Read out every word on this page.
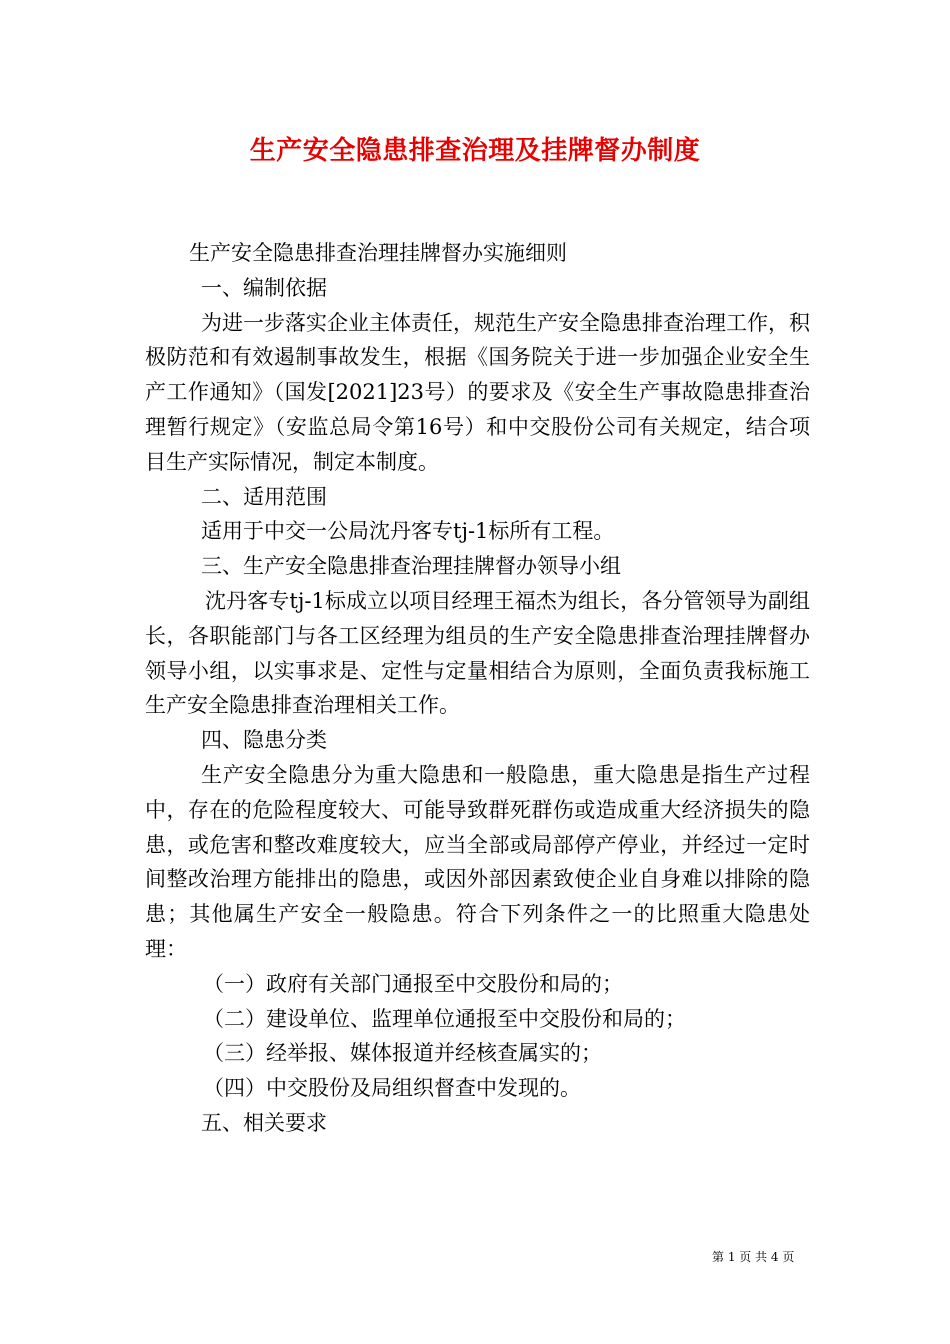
生产安全隐患排查治理及挂牌督办制度

生产安全隐患排查治理挂牌督办实施细则

一、编制依据

为进一步落实企业主体责任，规范生产安全隐患排查治理工作，积极防范和有效遏制事故发生，根据《国务院关于进一步加强企业安全生产工作通知》（国发[2021]23号）的要求及《安全生产事故隐患排查治理暂行规定》（安监总局令第16号）和中交股份公司有关规定，结合项目生产实际情况，制定本制度。

二、适用范围

适用于中交一公局沈丹客专tj-1标所有工程。

三、生产安全隐患排查治理挂牌督办领导小组

沈丹客专tj-1标成立以项目经理王福杰为组长，各分管领导为副组长，各职能部门与各工区经理为组员的生产安全隐患排查治理挂牌督办领导小组，以实事求是、定性与定量相结合为原则，全面负责我标施工生产安全隐患排查治理相关工作。

四、隐患分类

生产安全隐患分为重大隐患和一般隐患，重大隐患是指生产过程中，存在的危险程度较大、可能导致群死群伤或造成重大经济损失的隐患，或危害和整改难度较大，应当全部或局部停产停业，并经过一定时间整改治理方能排出的隐患，或因外部因素致使企业自身难以排除的隐患；其他属生产安全一般隐患。符合下列条件之一的比照重大隐患处理：

（一）政府有关部门通报至中交股份和局的；

（二）建设单位、监理单位通报至中交股份和局的；

（三）经举报、媒体报道并经核查属实的；

（四）中交股份及局组织督查中发现的。

五、相关要求

第 1 页 共 4 页
